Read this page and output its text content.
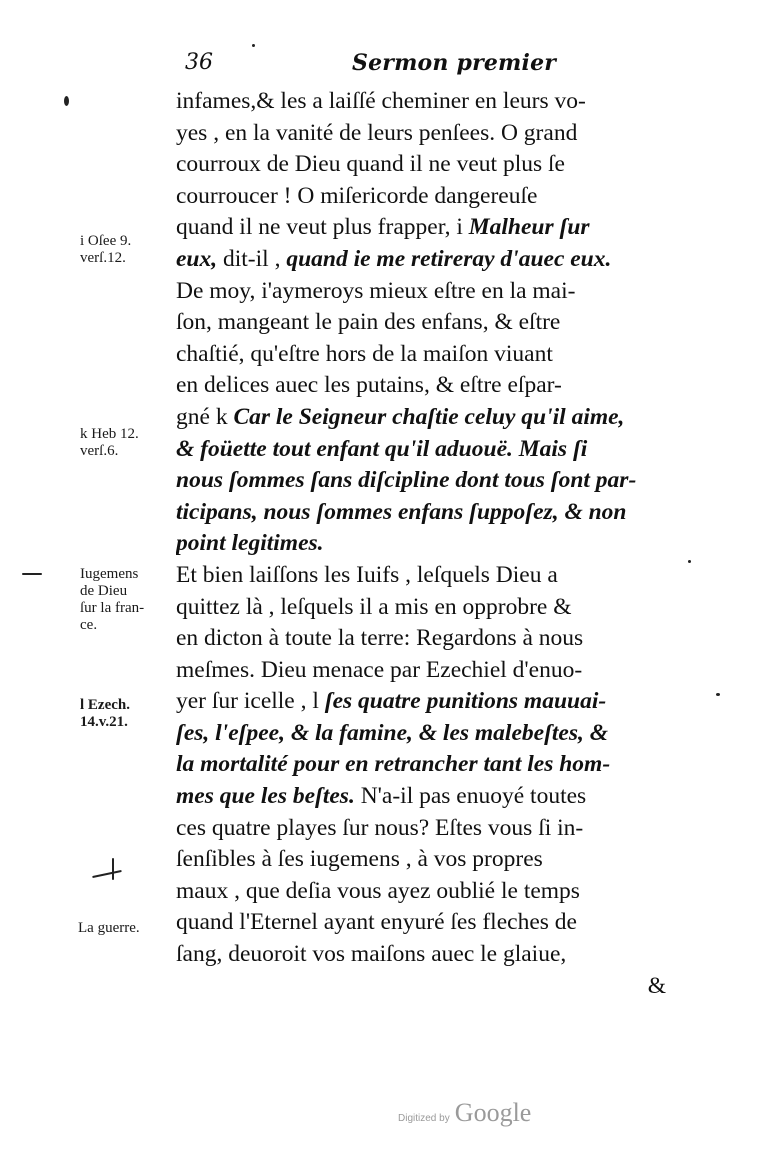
36	Sermon premier
infames,& les a laiſſé cheminer en leurs vo-
yes , en la vanité de leurs penſees. O grand
courroux de Dieu quand il ne veut plus ſe
courroucer ! O miſericorde dangereuſe
quand il ne veut plus frapper, i Malheur ſur
eux, dit-il , quand ie me retireray d'auec eux.
De moy, i'aymeroys mieux eſtre en la mai-
ſon, mangeant le pain des enfans, & eſtre
chaſtié, qu'eſtre hors de la maiſon viuant
en delices auec les putains, & eſtre eſpar-
gné k Car le Seigneur chaſtie celuy qu'il aime,
& foüette tout enfant qu'il aduouë. Mais ſi
nous ſommes ſans diſcipline dont tous ſont par-
ticipans, nous ſommes enfans ſuppoſez, & non
point legitimes.
Et bien laiſſons les Iuifs , leſquels Dieu a
quittez là , leſquels il a mis en opprobre &
en dicton à toute la terre: Regardons à nous
meſmes. Dieu menace par Ezechiel d'enuo-
yer ſur icelle , l ſes quatre punitions mauuai-
ſes, l'eſpee, & la famine, & les malebeſtes, &
la mortalité pour en retrancher tant les hom-
mes que les beſtes. N'a-il pas enuoyé toutes
ces quatre playes ſur nous? Eſtes vous ſi in-
ſenſibles à ſes iugemens , à vos propres
maux , que deſia vous ayez oublié le temps
quand l'Eternel ayant enyuré ſes fleches de
ſang, deuoroit vos maiſons auec le glaiue,
&
i Oſee 9.
verſ.12.
k Heb 12.
verſ.6.
Iugemens
de Dieu
ſur la fran-
ce.
l Ezech.
14.v.21.
La guerre.
Digitized by Google
